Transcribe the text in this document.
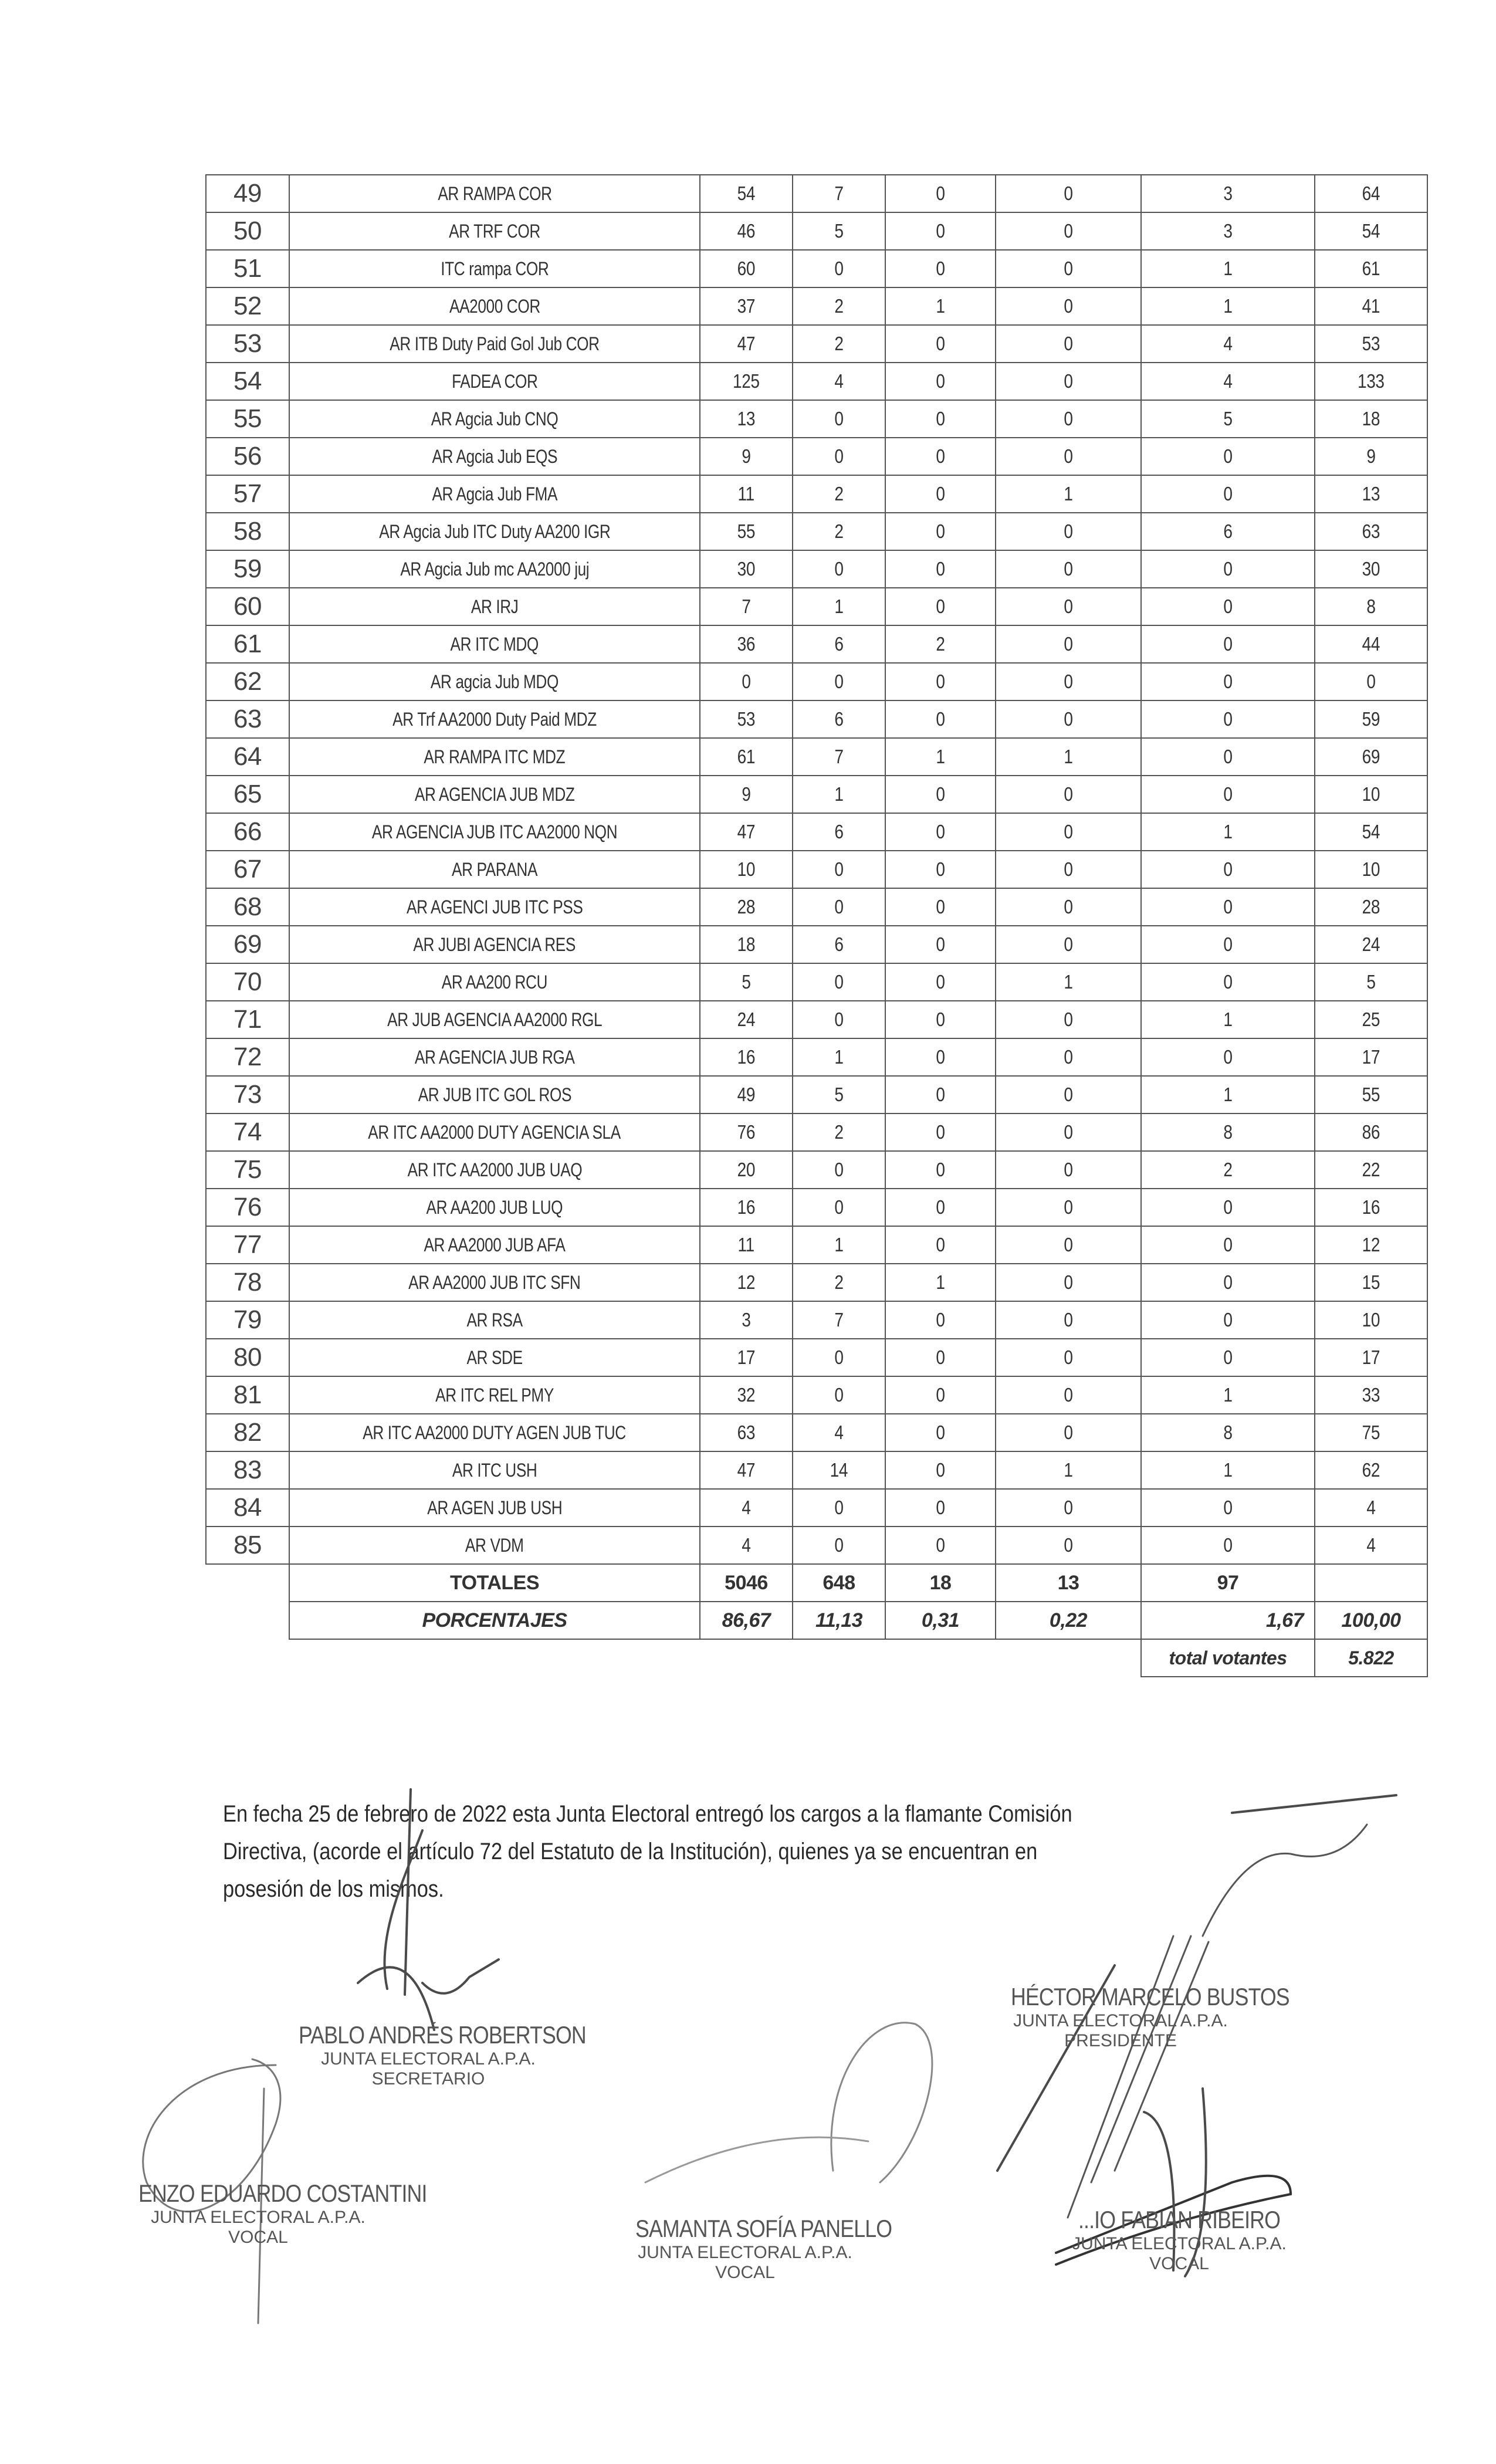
49	AR RAMPA COR	54	7	0	0	3	64
50	AR TRF COR	46	5	0	0	3	54
51	ITC rampa COR	60	0	0	0	1	61
52	AA2000 COR	37	2	1	0	1	41
53	AR ITB Duty Paid Gol Jub COR	47	2	0	0	4	53
54	FADEA COR	125	4	0	0	4	133
55	AR Agcia Jub CNQ	13	0	0	0	5	18
56	AR Agcia Jub EQS	9	0	0	0	0	9
57	AR Agcia Jub FMA	11	2	0	1	0	13
58	AR Agcia Jub ITC Duty AA200 IGR	55	2	0	0	6	63
59	AR Agcia Jub mc AA2000 juj	30	0	0	0	0	30
60	AR IRJ	7	1	0	0	0	8
61	AR ITC MDQ	36	6	2	0	0	44
62	AR agcia Jub MDQ	0	0	0	0	0	0
63	AR Trf AA2000 Duty Paid MDZ	53	6	0	0	0	59
64	AR RAMPA ITC MDZ	61	7	1	1	0	69
65	AR AGENCIA JUB MDZ	9	1	0	0	0	10
66	AR AGENCIA JUB ITC AA2000 NQN	47	6	0	0	1	54
67	AR PARANA	10	0	0	0	0	10
68	AR AGENCI JUB ITC PSS	28	0	0	0	0	28
69	AR JUBI AGENCIA RES	18	6	0	0	0	24
70	AR AA200 RCU	5	0	0	1	0	5
71	AR JUB AGENCIA AA2000 RGL	24	0	0	0	1	25
72	AR AGENCIA JUB RGA	16	1	0	0	0	17
73	AR JUB ITC GOL ROS	49	5	0	0	1	55
74	AR ITC AA2000 DUTY AGENCIA SLA	76	2	0	0	8	86
75	AR ITC AA2000 JUB UAQ	20	0	0	0	2	22
76	AR AA200 JUB LUQ	16	0	0	0	0	16
77	AR AA2000 JUB AFA	11	1	0	0	0	12
78	AR AA2000 JUB ITC SFN	12	2	1	0	0	15
79	AR RSA	3	7	0	0	0	10
80	AR SDE	17	0	0	0	0	17
81	AR ITC REL PMY	32	0	0	0	1	33
82	AR ITC AA2000 DUTY AGEN JUB TUC	63	4	0	0	8	75
83	AR ITC USH	47	14	0	1	1	62
84	AR AGEN JUB USH	4	0	0	0	0	4
85	AR VDM	4	0	0	0	0	4
	TOTALES	5046	648	18	13	97	
	PORCENTAJES	86,67	11,13	0,31	0,22	1,67	100,00
						total votantes	5.822
En fecha 25 de febrero de 2022 esta Junta Electoral entregó los cargos a la flamante Comisión
Directiva, (acorde el artículo 72 del Estatuto de la Institución), quienes ya se encuentran en
posesión de los mismos.
PABLO ANDRÉS ROBERTSON
JUNTA ELECTORAL A.P.A.
SECRETARIO
HÉCTOR MARCELO BUSTOS
JUNTA ELECTORAL A.P.A.
PRESIDENTE
ENZO EDUARDO COSTANTINI
JUNTA ELECTORAL A.P.A.
VOCAL	SAMANTA SOFÍA PANELLO
JUNTA ELECTORAL A.P.A.
VOCAL
...IO FABIAN RIBEIRO
JUNTA ELECTORAL A.P.A.
VOCAL
